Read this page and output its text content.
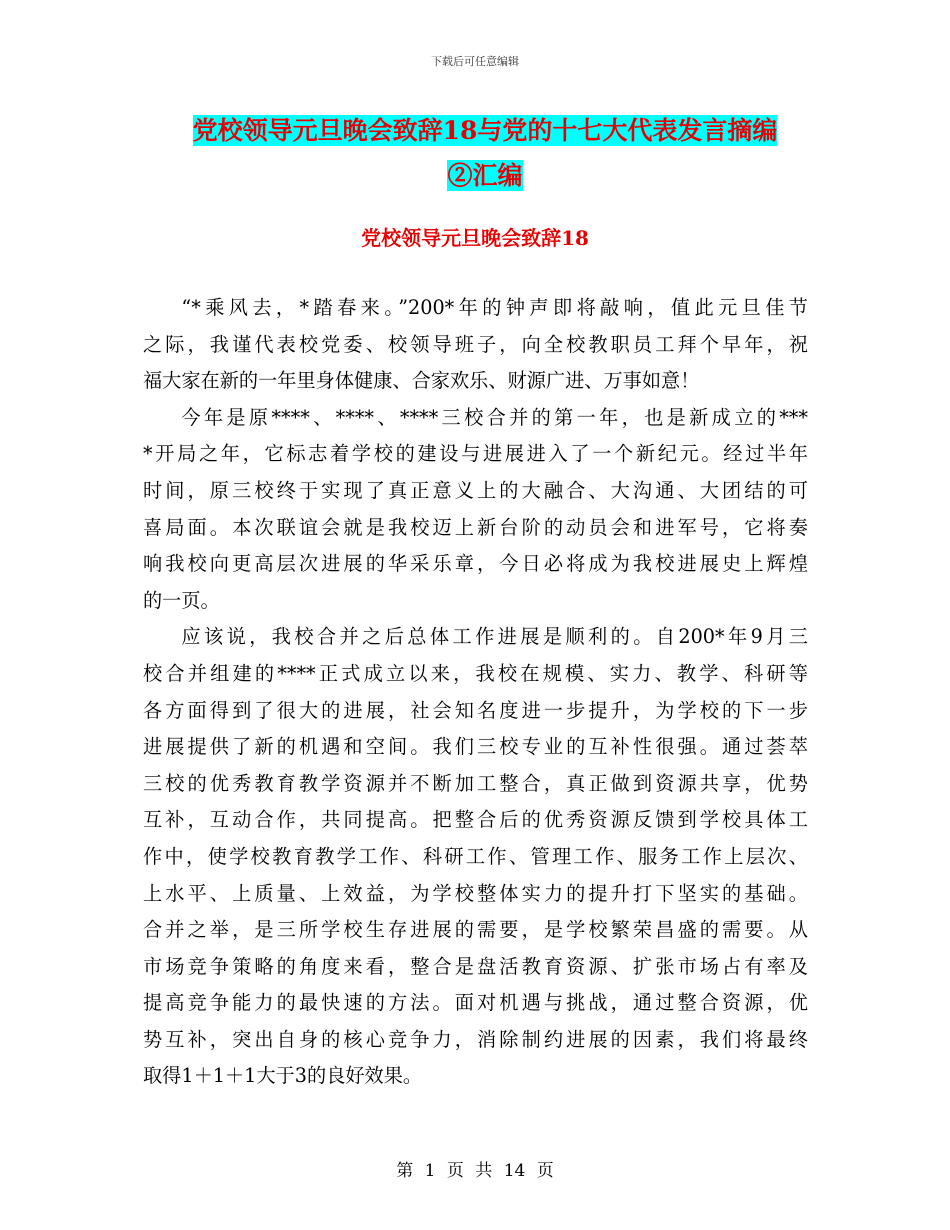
下载后可任意编辑
党校领导元旦晚会致辞18与党的十七大代表发言摘编
②汇编
党校领导元旦晚会致辞18
“*乘风去，*踏春来。”200*年的钟声即将敲响，值此元旦佳节
之际，我谨代表校党委、校领导班子，向全校教职员工拜个早年，祝
福大家在新的一年里身体健康、合家欢乐、财源广进、万事如意！
今年是原****、****、****三校合并的第一年，也是新成立的***
*开局之年，它标志着学校的建设与进展进入了一个新纪元。经过半年
时间，原三校终于实现了真正意义上的大融合、大沟通、大团结的可
喜局面。本次联谊会就是我校迈上新台阶的动员会和进军号，它将奏
响我校向更高层次进展的华采乐章，今日必将成为我校进展史上辉煌
的一页。
应该说，我校合并之后总体工作进展是顺利的。自200*年9月三
校合并组建的****正式成立以来，我校在规模、实力、教学、科研等
各方面得到了很大的进展，社会知名度进一步提升，为学校的下一步
进展提供了新的机遇和空间。我们三校专业的互补性很强。通过荟萃
三校的优秀教育教学资源并不断加工整合，真正做到资源共享，优势
互补，互动合作，共同提高。把整合后的优秀资源反馈到学校具体工
作中，使学校教育教学工作、科研工作、管理工作、服务工作上层次、
上水平、上质量、上效益，为学校整体实力的提升打下坚实的基础。
合并之举，是三所学校生存进展的需要，是学校繁荣昌盛的需要。从
市场竞争策略的角度来看，整合是盘活教育资源、扩张市场占有率及
提高竞争能力的最快速的方法。面对机遇与挑战，通过整合资源，优
势互补，突出自身的核心竞争力，消除制约进展的因素，我们将最终
取得1＋1＋1大于3的良好效果。
第 1 页 共 14 页
